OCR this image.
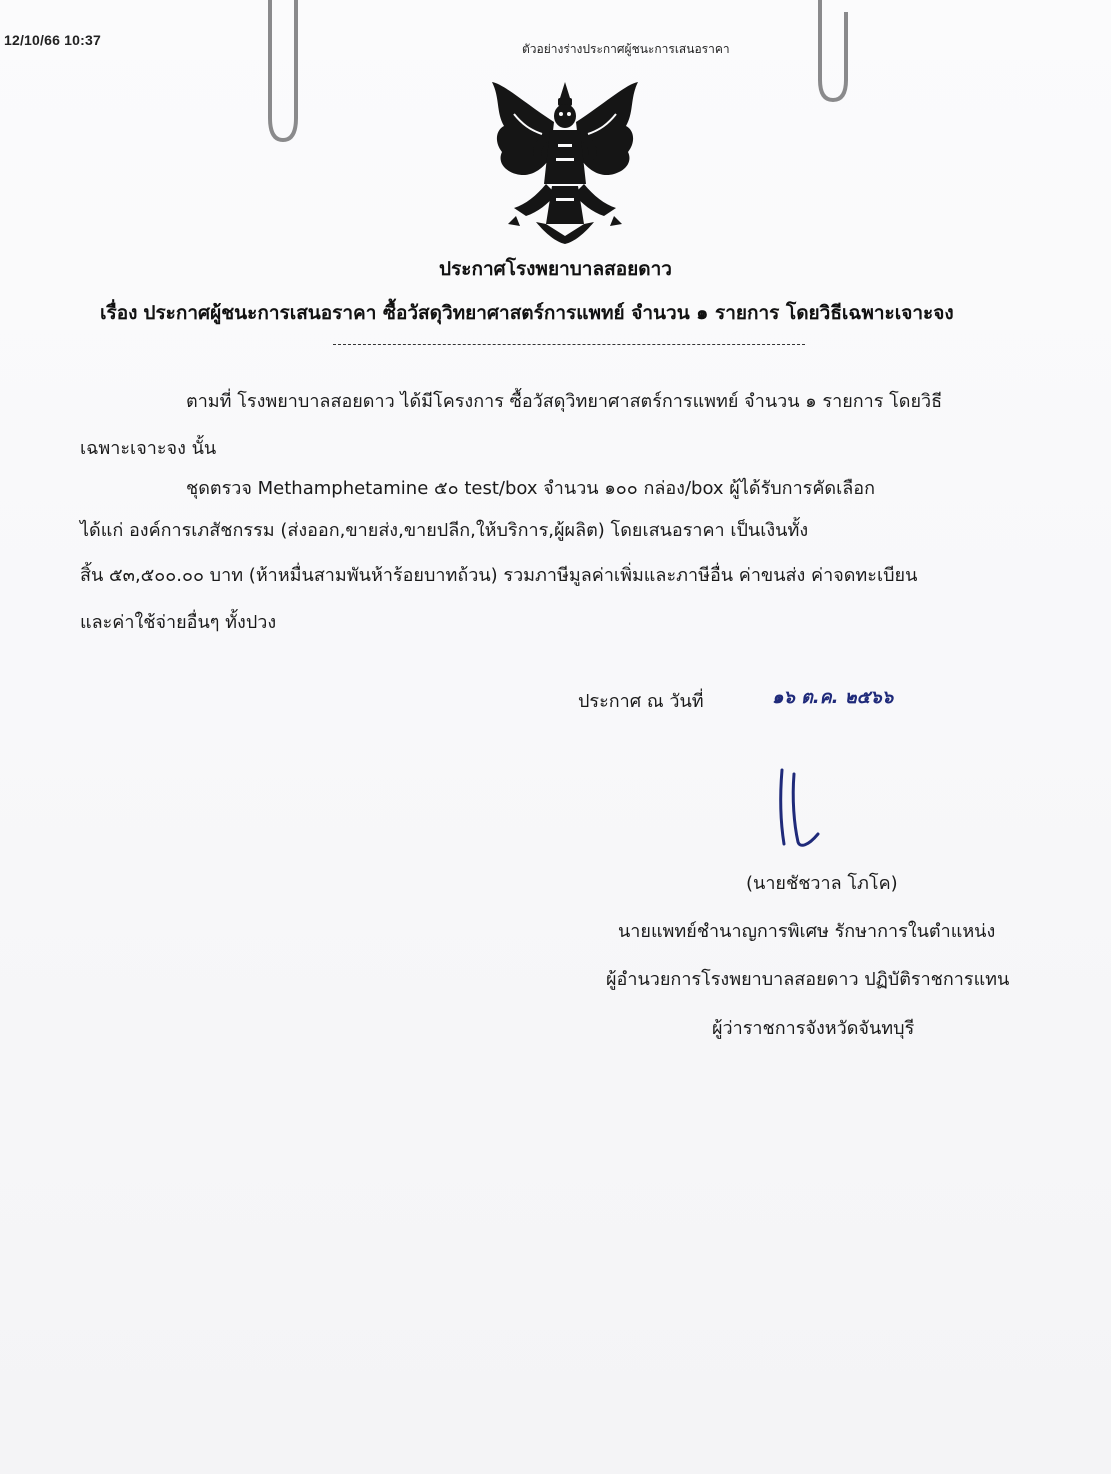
12/10/66 10:37
ตัวอย่างร่างประกาศผู้ชนะการเสนอราคา
ประกาศโรงพยาบาลสอยดาว
เรื่อง ประกาศผู้ชนะการเสนอราคา ซื้อวัสดุวิทยาศาสตร์การแพทย์ จำนวน ๑ รายการ โดยวิธีเฉพาะเจาะจง
ตามที่ โรงพยาบาลสอยดาว ได้มีโครงการ ซื้อวัสดุวิทยาศาสตร์การแพทย์ จำนวน ๑ รายการ โดยวิธี
เฉพาะเจาะจง นั้น
ชุดตรวจ Methamphetamine ๕๐ test/box จำนวน ๑๐๐ กล่อง/box ผู้ได้รับการคัดเลือก
ได้แก่ องค์การเภสัชกรรม (ส่งออก,ขายส่ง,ขายปลีก,ให้บริการ,ผู้ผลิต) โดยเสนอราคา เป็นเงินทั้ง
สิ้น ๕๓,๕๐๐.๐๐ บาท (ห้าหมื่นสามพันห้าร้อยบาทถ้วน) รวมภาษีมูลค่าเพิ่มและภาษีอื่น ค่าขนส่ง ค่าจดทะเบียน
และค่าใช้จ่ายอื่นๆ ทั้งปวง
ประกาศ ณ วันที่	๑๖ ต.ค. ๒๕๖๖
(นายชัชวาล โภโค)
นายแพทย์ชำนาญการพิเศษ รักษาการในตำแหน่ง
ผู้อำนวยการโรงพยาบาลสอยดาว ปฏิบัติราชการแทน
ผู้ว่าราชการจังหวัดจันทบุรี
